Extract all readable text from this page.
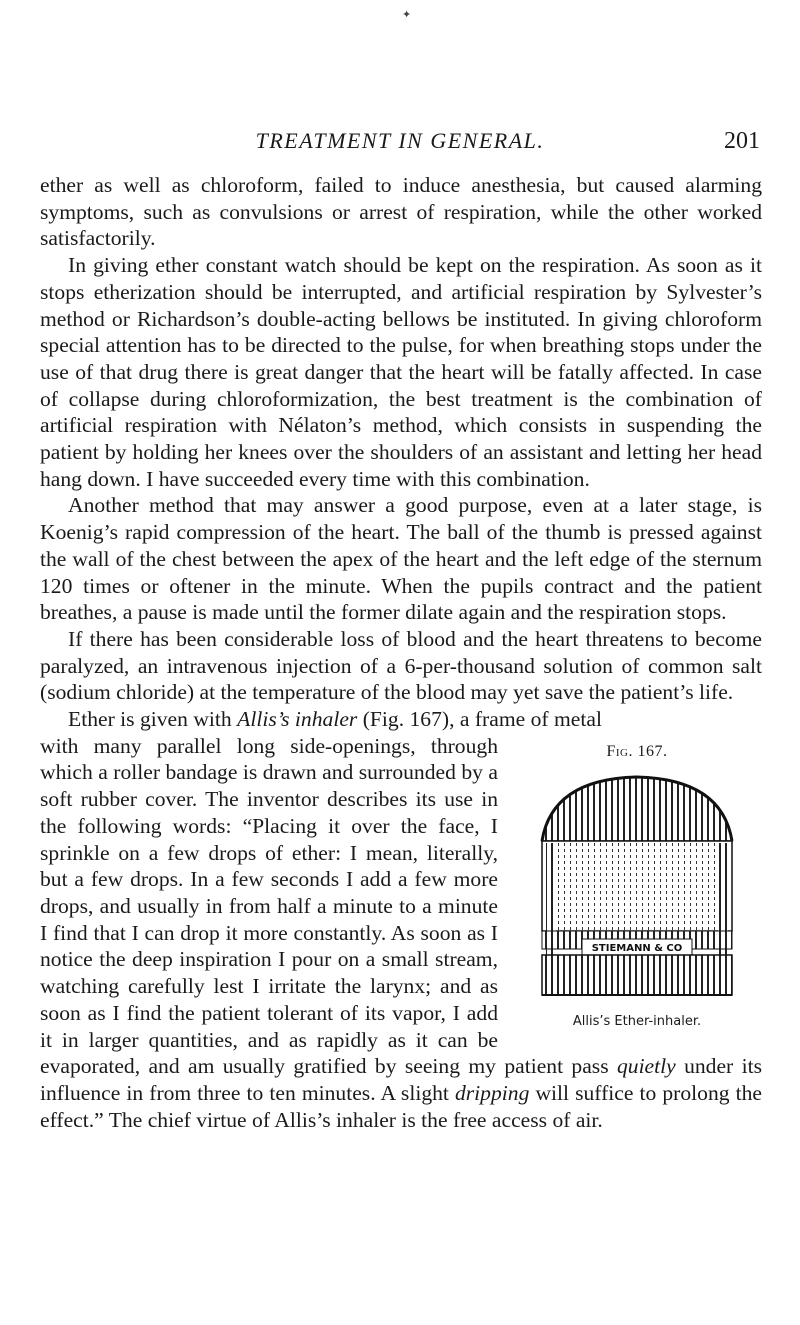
✦
TREATMENT IN GENERAL.	201

ether as well as chloroform, failed to induce anesthesia, but caused alarming symptoms, such as convulsions or arrest of respiration, while the other worked satisfactorily.

In giving ether constant watch should be kept on the respiration. As soon as it stops etherization should be interrupted, and artificial respiration by Sylvester’s method or Richardson’s double-acting bellows be instituted. In giving chloroform special attention has to be directed to the pulse, for when breathing stops under the use of that drug there is great danger that the heart will be fatally affected. In case of collapse during chloroformization, the best treatment is the combination of artificial respiration with Nélaton’s method, which consists in suspending the patient by holding her knees over the shoulders of an assistant and letting her head hang down. I have succeeded every time with this combination.

Another method that may answer a good purpose, even at a later stage, is Koenig’s rapid compression of the heart. The ball of the thumb is pressed against the wall of the chest between the apex of the heart and the left edge of the sternum 120 times or oftener in the minute. When the pupils contract and the patient breathes, a pause is made until the former dilate again and the respiration stops.

If there has been considerable loss of blood and the heart threatens to become paralyzed, an intravenous injection of a 6-per-thousand solution of common salt (sodium chloride) at the temperature of the blood may yet save the patient’s life.

Ether is given with Allis’s inhaler (Fig. 167), a frame of metal

Fig. 167.
STIEMANN & CO
Allis’s Ether-inhaler.

with many parallel long side-openings, through which a roller bandage is drawn and surrounded by a soft rubber cover. The inventor describes its use in the following words: “Placing it over the face, I sprinkle on a few drops of ether: I mean, literally, but a few drops. In a few seconds I add a few more drops, and usually in from half a minute to a minute I find that I can drop it more constantly. As soon as I notice the deep inspiration I pour on a small stream, watching carefully lest I irritate the larynx; and as soon as I find the patient tolerant of its vapor, I add it in larger quantities, and as rapidly as it can be evaporated, and am usually gratified by seeing my patient pass quietly under its influence in from three to ten minutes. A slight dripping will suffice to prolong the effect.” The chief virtue of Allis’s inhaler is the free access of air.
